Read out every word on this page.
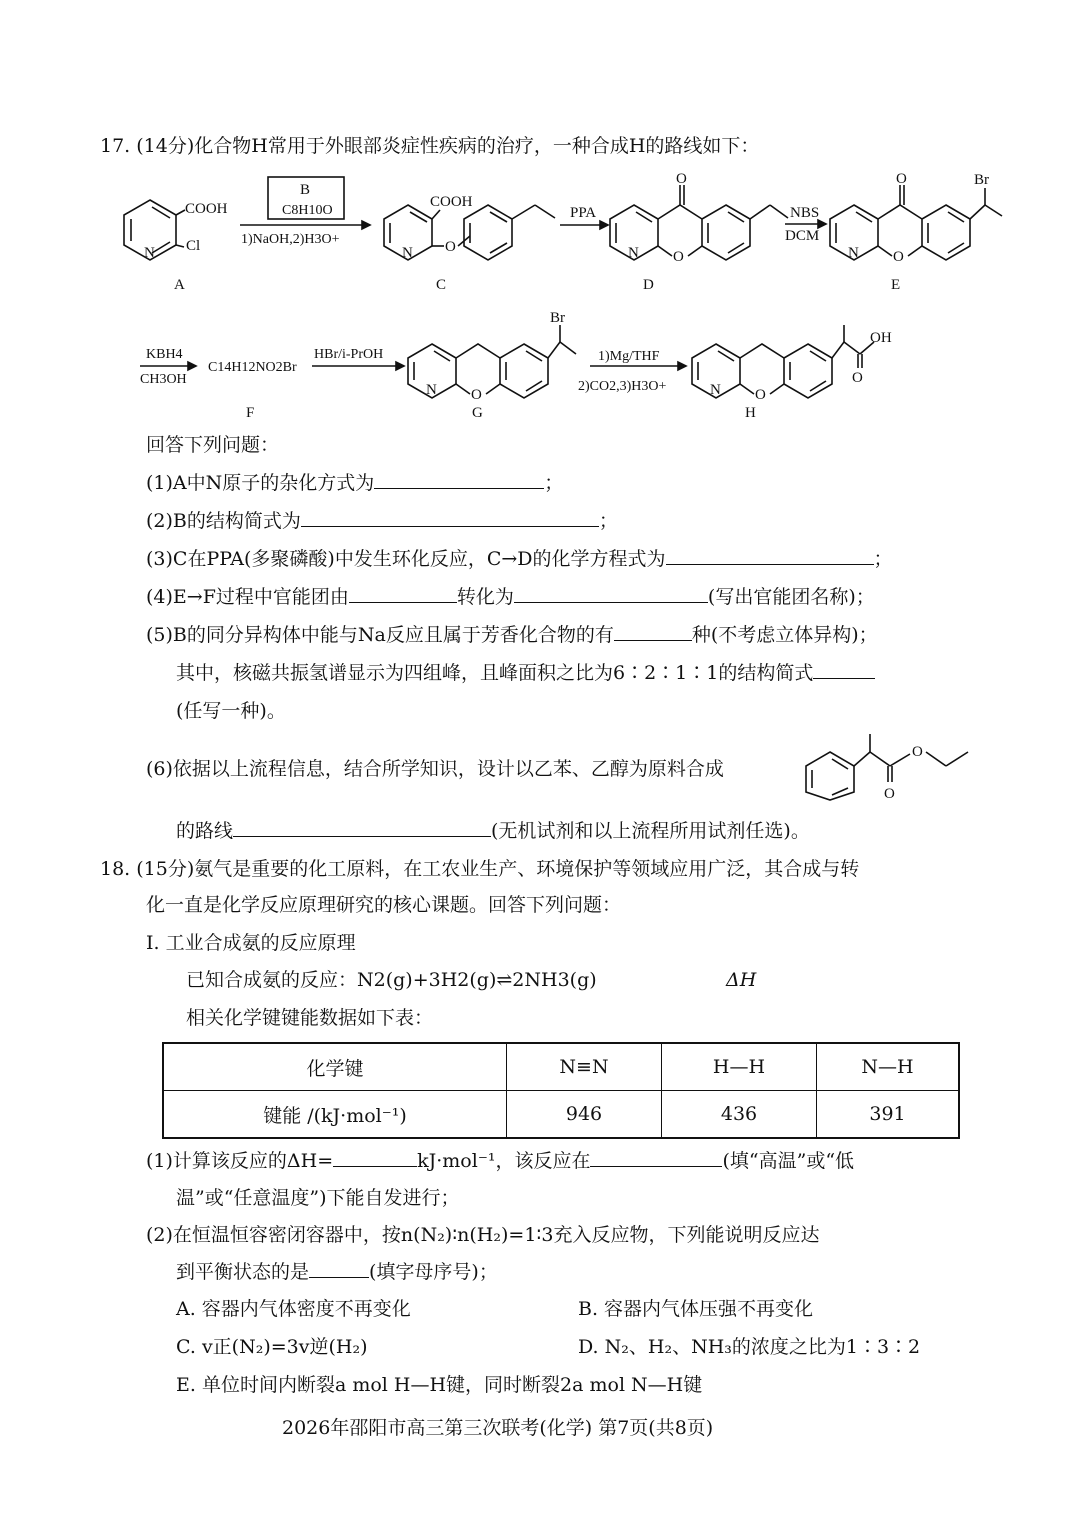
17. (14分)化合物H常用于外眼部炎症性疾病的治疗，一种合成H的路线如下：
COOH
N Cl
A
B
C8H10O
1)NaOH,2)H3O+
COOH
N O
C
PPA
O
N O
D
NBS
DCM
O	Br
N O
E
KBH4
CH3OH
C14H12NO2Br
F
HBr/i-PrOH
Br
N O
G
1)Mg/THF
2)CO2,3)H3O+
OH
O
N O
H
回答下列问题：
(1)A中N原子的杂化方式为	；
(2)B的结构简式为	；
(3)C在PPA(多聚磷酸)中发生环化反应，C→D的化学方程式为	；
(4)E→F过程中官能团由	转化为	(写出官能团名称)；
(5)B的同分异构体中能与Na反应且属于芳香化合物的有	种(不考虑立体异构)；
其中，核磁共振氢谱显示为四组峰，且峰面积之比为6∶2∶1∶1的结构简式
(任写一种)。
(6)依据以上流程信息，结合所学知识，设计以乙苯、乙醇为原料合成
O
O
的路线	(无机试剂和以上流程所用试剂任选)。
18. (15分)氨气是重要的化工原料，在工农业生产、环境保护等领域应用广泛，其合成与转
化一直是化学反应原理研究的核心课题。回答下列问题：
Ⅰ. 工业合成氨的反应原理
已知合成氨的反应：N2(g)+3H2(g)⇌2NH3(g)	ΔH
相关化学键键能数据如下表：
化学键	N≡N	H—H	N—H
键能 /(kJ·mol⁻¹)	946	436	391
(1)计算该反应的ΔH=	kJ·mol⁻¹，该反应在	(填“高温”或“低
温”或“任意温度”)下能自发进行；
(2)在恒温恒容密闭容器中，按n(N₂)∶n(H₂)=1∶3充入反应物，下列能说明反应达
到平衡状态的是	(填字母序号)；
A. 容器内气体密度不再变化	B. 容器内气体压强不再变化
C. v正(N₂)=3v逆(H₂)	D. N₂、H₂、NH₃的浓度之比为1∶3∶2
E. 单位时间内断裂a mol H—H键，同时断裂2a mol N—H键
2026年邵阳市高三第三次联考(化学) 第7页(共8页)
